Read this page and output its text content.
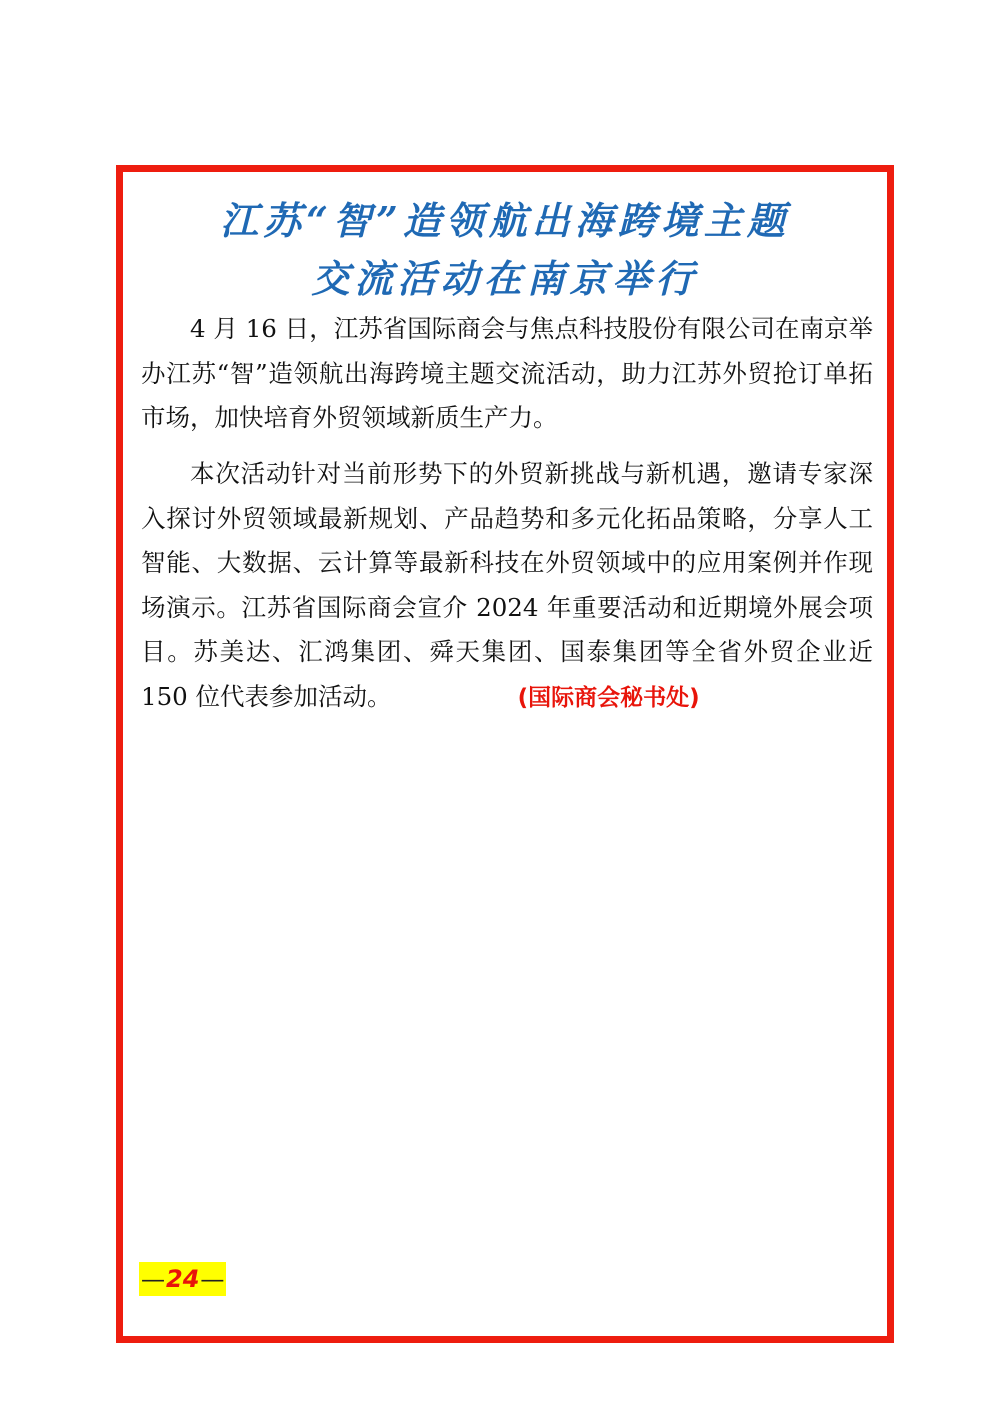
江苏“智”造领航出海跨境主题
交流活动在南京举行

4 月 16 日，江苏省国际商会与焦点科技股份有限公司在南京举办江苏“智”造领航出海跨境主题交流活动，助力江苏外贸抢订单拓市场，加快培育外贸领域新质生产力。

本次活动针对当前形势下的外贸新挑战与新机遇，邀请专家深入探讨外贸领域最新规划、产品趋势和多元化拓品策略，分享人工智能、大数据、云计算等最新科技在外贸领域中的应用案例并作现场演示。江苏省国际商会宣介 2024 年重要活动和近期境外展会项目。苏美达、汇鸿集团、舜天集团、国泰集团等全省外贸企业近 150 位代表参加活动。	(国际商会秘书处)

— 24 —
